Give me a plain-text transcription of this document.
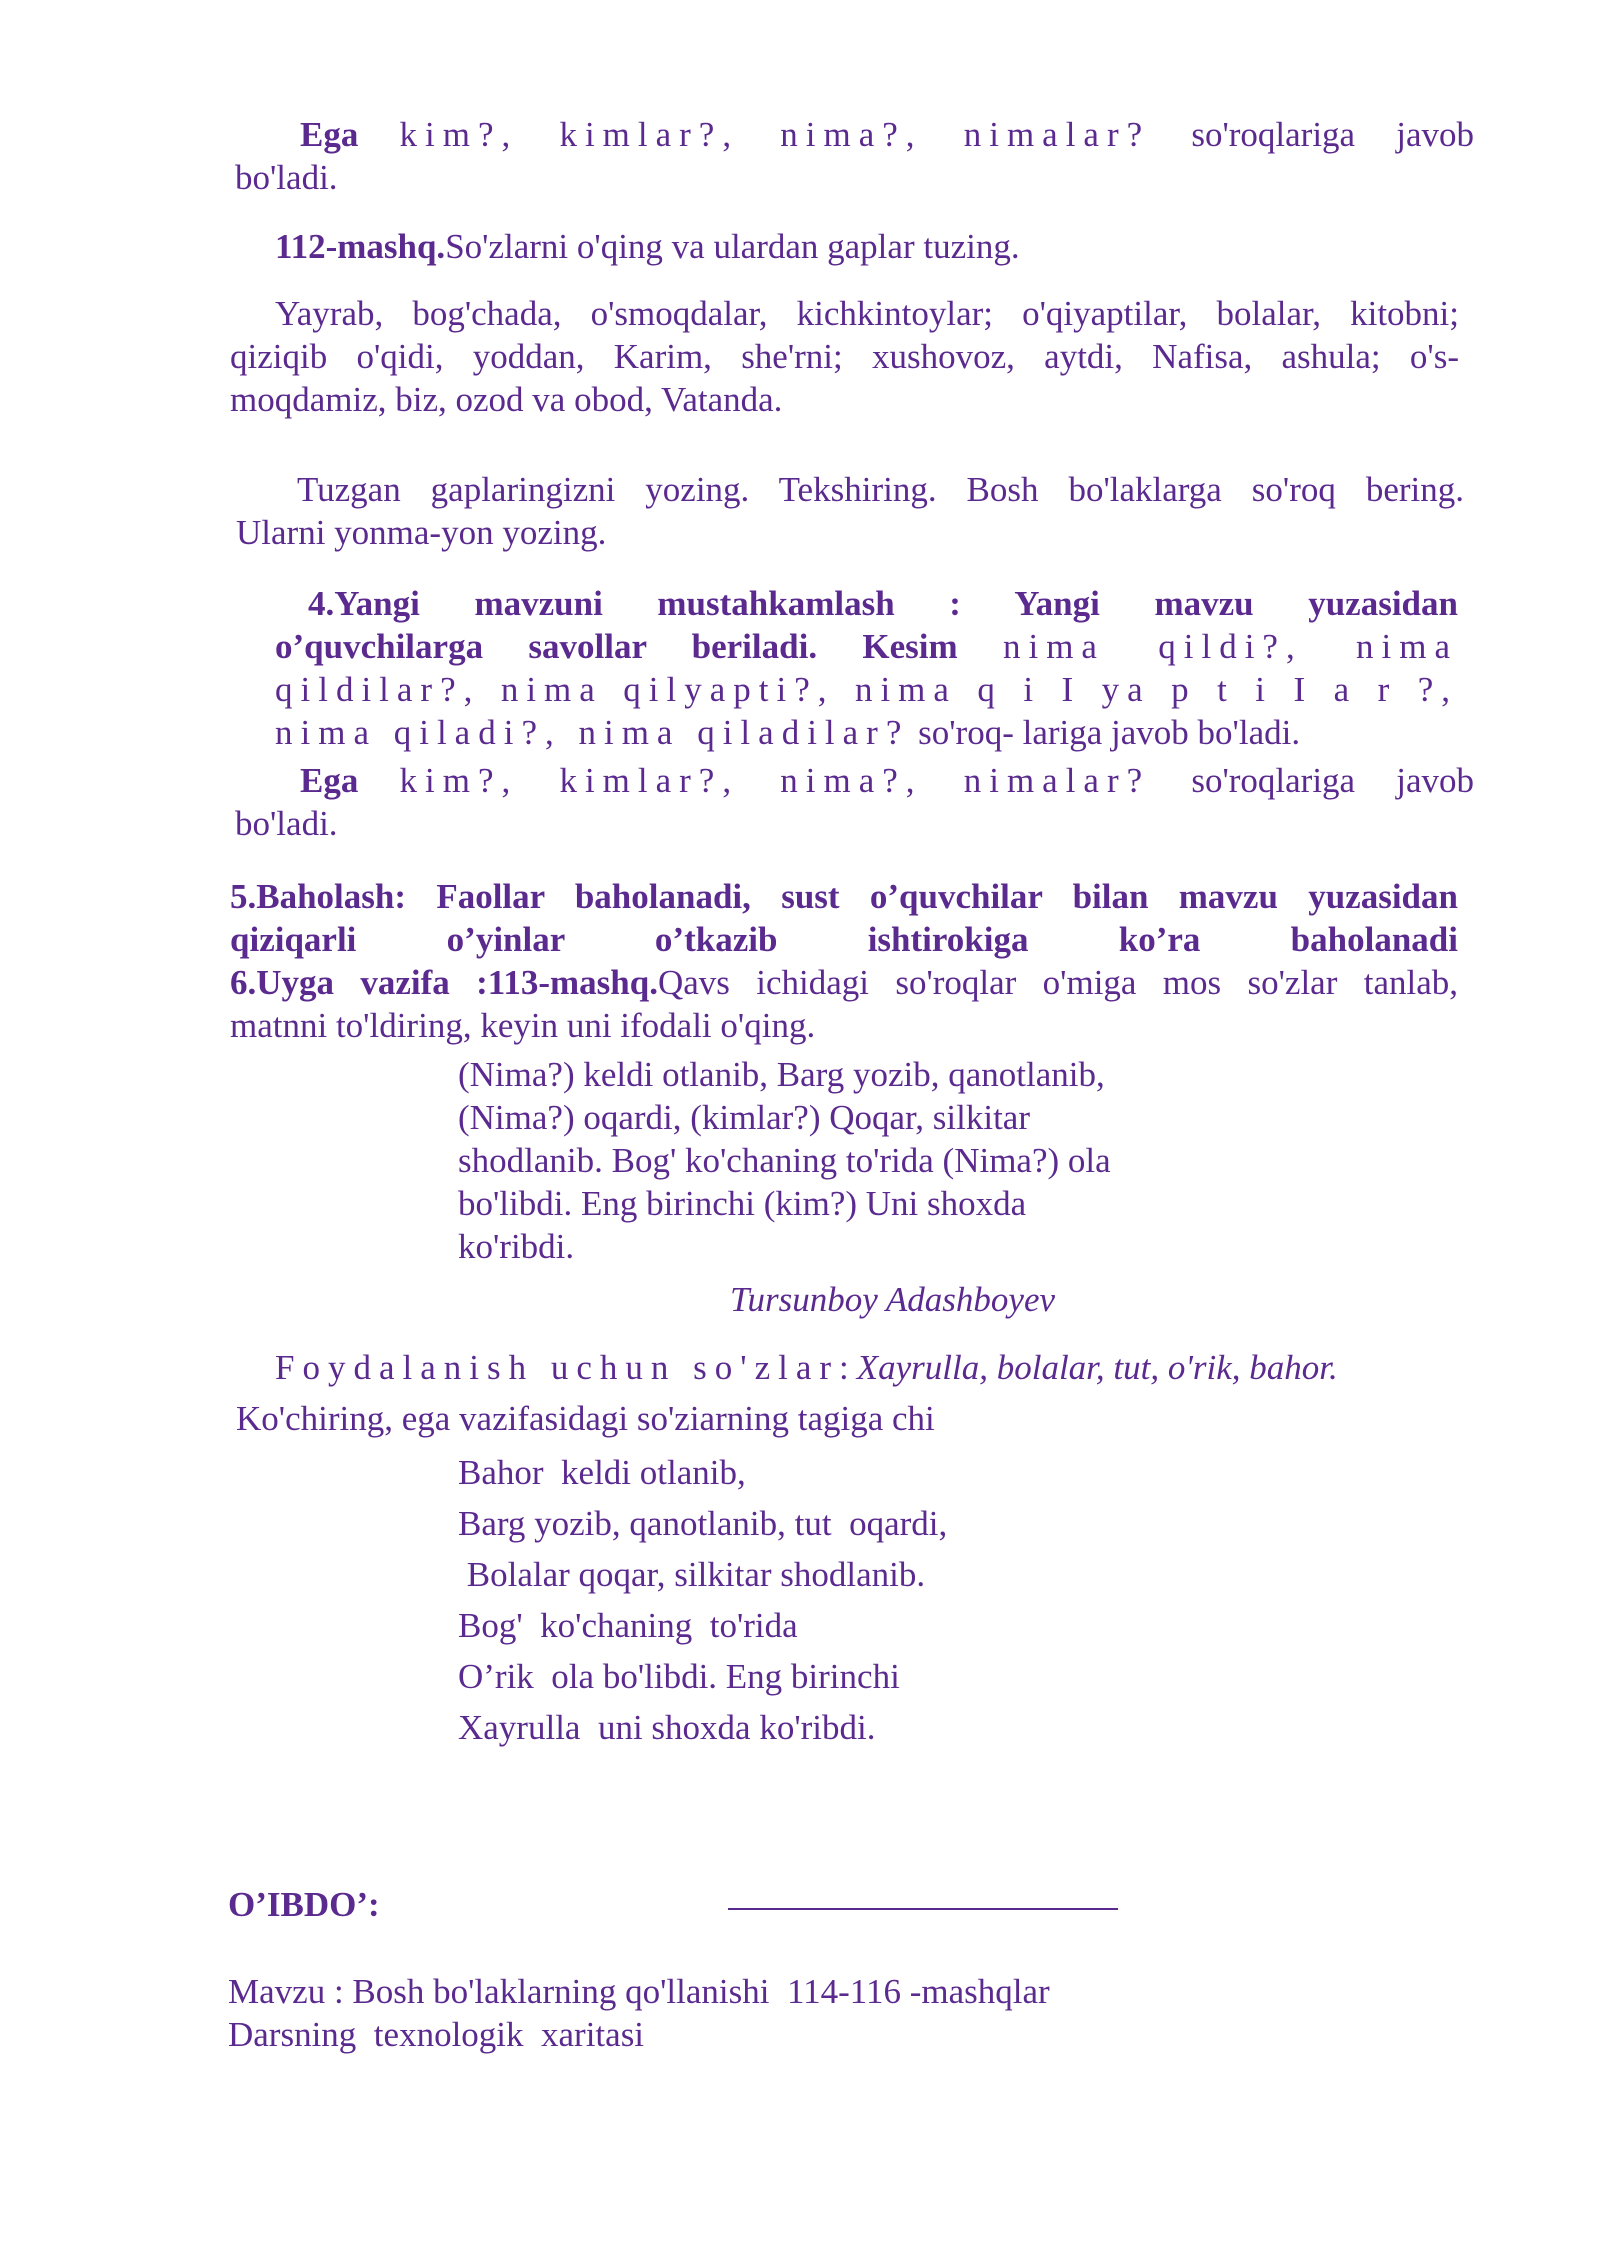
Ega kim?, kimlar?, nima?, nimalar? so'roqlariga javob
bo'ladi.
112-mashq.So'zlarni o'qing va ulardan gaplar tuzing.
Yayrab, bog'chada, o'smoqdalar, kichkintoylar; o'qiyaptilar, bolalar, kitobni;
qiziqib o'qidi, yoddan, Karim, she'rni; xushovoz, aytdi, Nafisa, ashula; o's-
moqdamiz, biz, ozod va obod, Vatanda.
Tuzgan gaplaringizni yozing. Tekshiring. Bosh bo'laklarga so'roq bering.
Ularni yonma-yon yozing.
4.Yangi mavzuni mustahkamlash : Yangi mavzu yuzasidan
o’quvchilarga savollar beriladi. Kesim nima qildi?, nima
qildilar?, nima qilyapti?, nima q i I ya p t i I a r ?,
nima qiladi?, nima qiladilar? so'roq- lariga javob bo'ladi.
Ega kim?, kimlar?, nima?, nimalar? so'roqlariga javob
bo'ladi.
5.Baholash: Faollar baholanadi, sust o’quvchilar bilan mavzu yuzasidan
qiziqarli o’yinlar o’tkazib ishtirokiga ko’ra baholanadi
6.Uyga vazifa :113-mashq.Qavs ichidagi so'roqlar o'miga mos so'zlar tanlab,
matnni to'ldiring, keyin uni ifodali o'qing.
(Nima?) keldi otlanib, Barg yozib, qanotlanib,
(Nima?) oqardi, (kimlar?) Qoqar, silkitar
shodlanib. Bog' ko'chaning to'rida (Nima?) ola
bo'libdi. Eng birinchi (kim?) Uni shoxda
ko'ribdi.
Tursunboy Adashboyev
Foydalanish uchun so'zlar:Xayrulla, bolalar, tut, o'rik, bahor.
Ko'chiring, ega vazifasidagi so'ziarning tagiga chi
Bahor  keldi otlanib,
Barg yozib, qanotlanib, tut  oqardi,
Bolalar qoqar, silkitar shodlanib.
Bog'  ko'chaning  to'rida
O’rik  ola bo'libdi. Eng birinchi
Xayrulla  uni shoxda ko'ribdi.
O’IBDO’:
Mavzu : Bosh bo'laklarning qo'llanishi  114-116 -mashqlar
Darsning  texnologik  xaritasi
